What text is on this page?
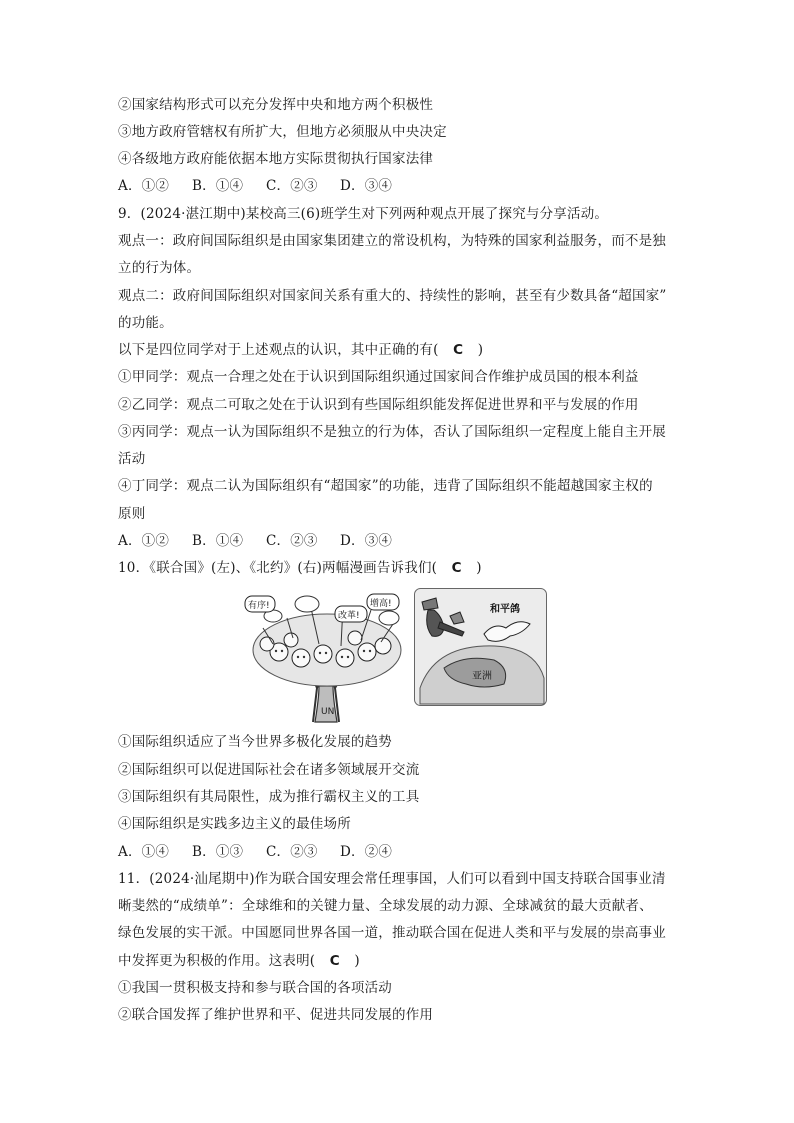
②国家结构形式可以充分发挥中央和地方两个积极性
③地方政府管辖权有所扩大，但地方必须服从中央决定
④各级地方政府能依据本地方实际贯彻执行国家法律
A．①②	B．①④	C．②③	D．③④
9．(2024·湛江期中)某校高三(6)班学生对下列两种观点开展了探究与分享活动。
观点一：政府间国际组织是由国家集团建立的常设机构，为特殊的国家利益服务，而不是独
立的行为体。
观点二：政府间国际组织对国家间关系有重大的、持续性的影响，甚至有少数具备“超国家”
的功能。
以下是四位同学对于上述观点的认识，其中正确的有( C )
①甲同学：观点一合理之处在于认识到国际组织通过国家间合作维护成员国的根本利益
②乙同学：观点二可取之处在于认识到有些国际组织能发挥促进世界和平与发展的作用
③丙同学：观点一认为国际组织不是独立的行为体，否认了国际组织一定程度上能自主开展
活动
④丁同学：观点二认为国际组织有“超国家”的功能，违背了国际组织不能超越国家主权的
原则
A．①②	B．①④	C．②③	D．③④
10．《联合国》(左)、《北约》(右)两幅漫画告诉我们( C )
UN
有序!
改革!
增高!
亚洲
和平鸽
①国际组织适应了当今世界多极化发展的趋势
②国际组织可以促进国际社会在诸多领域展开交流
③国际组织有其局限性，成为推行霸权主义的工具
④国际组织是实践多边主义的最佳场所
A．①④	B．①③	C．②③	D．②④
11．(2024·汕尾期中)作为联合国安理会常任理事国，人们可以看到中国支持联合国事业清
晰斐然的“成绩单”：全球维和的关键力量、全球发展的动力源、全球减贫的最大贡献者、
绿色发展的实干派。中国愿同世界各国一道，推动联合国在促进人类和平与发展的崇高事业
中发挥更为积极的作用。这表明( C )
①我国一贯积极支持和参与联合国的各项活动
②联合国发挥了维护世界和平、促进共同发展的作用
